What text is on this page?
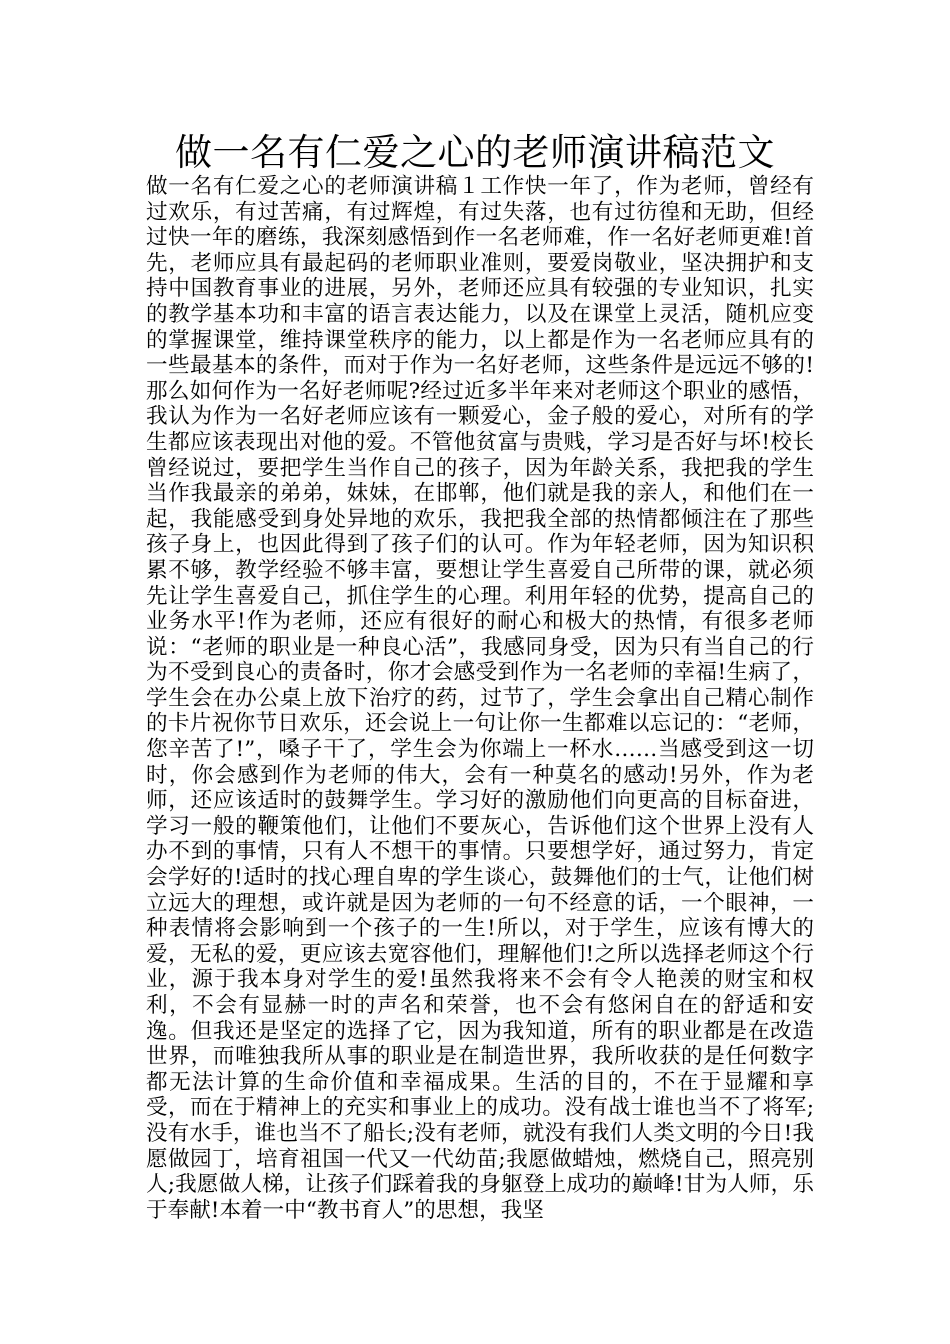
做一名有仁爱之心的老师演讲稿范文

做一名有仁爱之心的老师演讲稿１工作快一年了，作为老师，曾经有过欢乐，有过苦痛，有过辉煌，有过失落，也有过彷徨和无助，但经过快一年的磨练，我深刻感悟到作一名老师难，作一名好老师更难!首先，老师应具有最起码的老师职业准则，要爱岗敬业，坚决拥护和支持中国教育事业的进展，另外，老师还应具有较强的专业知识，扎实的教学基本功和丰富的语言表达能力，以及在课堂上灵活，随机应变的掌握课堂，维持课堂秩序的能力，以上都是作为一名老师应具有的一些最基本的条件，而对于作为一名好老师，这些条件是远远不够的!那么如何作为一名好老师呢?经过近多半年来对老师这个职业的感悟，我认为作为一名好老师应该有一颗爱心，金子般的爱心，对所有的学生都应该表现出对他的爱。不管他贫富与贵贱，学习是否好与坏!校长曾经说过，要把学生当作自己的孩子，因为年龄关系，我把我的学生当作我最亲的弟弟，妹妹，在邯郸，他们就是我的亲人，和他们在一起，我能感受到身处异地的欢乐，我把我全部的热情都倾注在了那些孩子身上，也因此得到了孩子们的认可。作为年轻老师，因为知识积累不够，教学经验不够丰富，要想让学生喜爱自己所带的课，就必须先让学生喜爱自己，抓住学生的心理。利用年轻的优势，提高自己的业务水平!作为老师，还应有很好的耐心和极大的热情，有很多老师说：“老师的职业是一种良心活”，我感同身受，因为只有当自己的行为不受到良心的责备时，你才会感受到作为一名老师的幸福!生病了，学生会在办公桌上放下治疗的药，过节了，学生会拿出自己精心制作的卡片祝你节日欢乐，还会说上一句让你一生都难以忘记的：“老师，您辛苦了!”，嗓子干了，学生会为你端上一杯水……当感受到这一切时，你会感到作为老师的伟大，会有一种莫名的感动!另外，作为老师，还应该适时的鼓舞学生。学习好的激励他们向更高的目标奋进，学习一般的鞭策他们，让他们不要灰心，告诉他们这个世界上没有人办不到的事情，只有人不想干的事情。只要想学好，通过努力，肯定会学好的!适时的找心理自卑的学生谈心，鼓舞他们的士气，让他们树立远大的理想，或许就是因为老师的一句不经意的话，一个眼神，一种表情将会影响到一个孩子的一生!所以，对于学生，应该有博大的爱，无私的爱，更应该去宽容他们，理解他们!之所以选择老师这个行业，源于我本身对学生的爱!虽然我将来不会有令人艳羡的财宝和权利，不会有显赫一时的声名和荣誉，也不会有悠闲自在的舒适和安逸。但我还是坚定的选择了它，因为我知道，所有的职业都是在改造世界，而唯独我所从事的职业是在制造世界，我所收获的是任何数字都无法计算的生命价值和幸福成果。生活的目的，不在于显耀和享受，而在于精神上的充实和事业上的成功。没有战士谁也当不了将军;没有水手，谁也当不了船长;没有老师，就没有我们人类文明的今日!我愿做园丁，培育祖国一代又一代幼苗;我愿做蜡烛，燃烧自己，照亮别人;我愿做人梯，让孩子们踩着我的身躯登上成功的巅峰!甘为人师，乐于奉献!本着一中“教书育人”的思想，我坚
